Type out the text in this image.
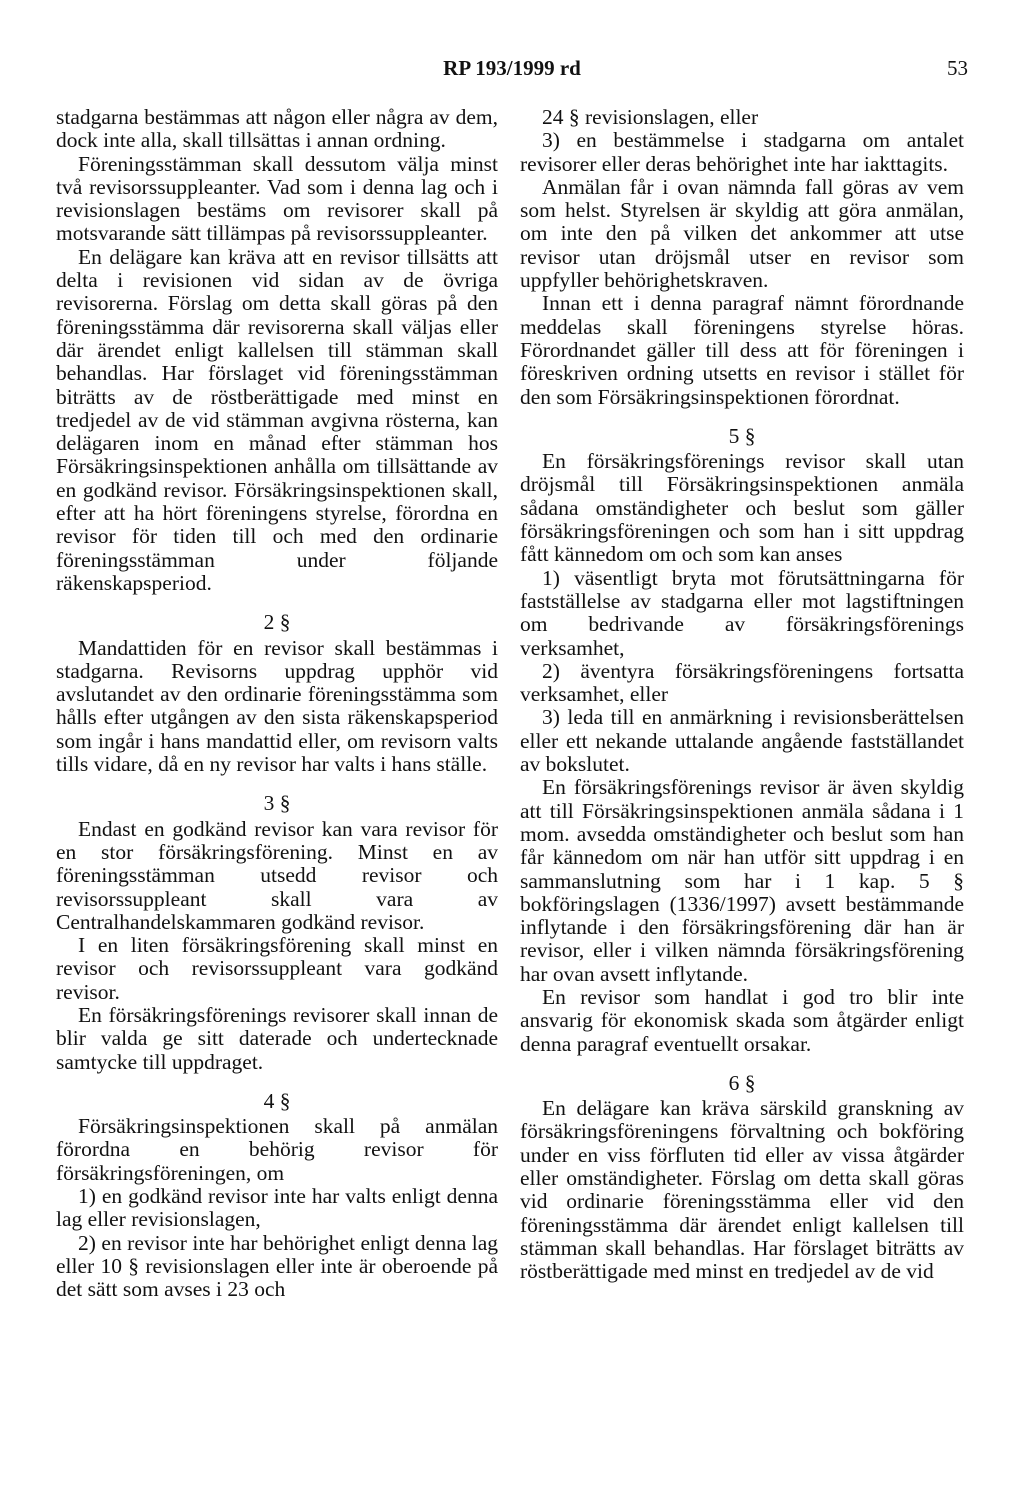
RP 193/1999 rd	53

stadgarna bestämmas att någon eller några av dem, dock inte alla, skall tillsättas i annan ordning.

Föreningsstämman skall dessutom välja minst två revisorssuppleanter. Vad som i denna lag och i revisionslagen bestäms om revisorer skall på motsvarande sätt tillämpas på revisorssuppleanter.

En delägare kan kräva att en revisor tillsätts att delta i revisionen vid sidan av de övriga revisorerna. Förslag om detta skall göras på den föreningsstämma där revisorerna skall väljas eller där ärendet enligt kallelsen till stämman skall behandlas. Har förslaget vid föreningsstämman biträtts av de röstberättigade med minst en tredjedel av de vid stämman avgivna rösterna, kan delägaren inom en månad efter stämman hos Försäkringsinspektionen anhålla om tillsättande av en godkänd revisor. Försäkringsinspektionen skall, efter att ha hört föreningens styrelse, förordna en revisor för tiden till och med den ordinarie föreningsstämman under följande räkenskapsperiod.

2 §

Mandattiden för en revisor skall bestämmas i stadgarna. Revisorns uppdrag upphör vid avslutandet av den ordinarie föreningsstämma som hålls efter utgången av den sista räkenskapsperiod som ingår i hans mandattid eller, om revisorn valts tills vidare, då en ny revisor har valts i hans ställe.

3 §

Endast en godkänd revisor kan vara revisor för en stor försäkringsförening. Minst en av föreningsstämman utsedd revisor och revisorssuppleant skall vara av Centralhandelskammaren godkänd revisor.

I en liten försäkringsförening skall minst en revisor och revisorssuppleant vara godkänd revisor.

En försäkringsförenings revisorer skall innan de blir valda ge sitt daterade och undertecknade samtycke till uppdraget.

4 §

Försäkringsinspektionen skall på anmälan förordna en behörig revisor för försäkringsföreningen, om

1) en godkänd revisor inte har valts enligt denna lag eller revisionslagen,

2) en revisor inte har behörighet enligt denna lag eller 10 § revisionslagen eller inte är oberoende på det sätt som avses i 23 och

24 § revisionslagen, eller

3) en bestämmelse i stadgarna om antalet revisorer eller deras behörighet inte har iakttagits.

Anmälan får i ovan nämnda fall göras av vem som helst. Styrelsen är skyldig att göra anmälan, om inte den på vilken det ankommer att utse revisor utan dröjsmål utser en revisor som uppfyller behörighetskraven.

Innan ett i denna paragraf nämnt förordnande meddelas skall föreningens styrelse höras. Förordnandet gäller till dess att för föreningen i föreskriven ordning utsetts en revisor i stället för den som Försäkringsinspektionen förordnat.

5 §

En försäkringsförenings revisor skall utan dröjsmål till Försäkringsinspektionen anmäla sådana omständigheter och beslut som gäller försäkringsföreningen och som han i sitt uppdrag fått kännedom om och som kan anses

1) väsentligt bryta mot förutsättningarna för fastställelse av stadgarna eller mot lagstiftningen om bedrivande av försäkringsförenings verksamhet,

2) äventyra försäkringsföreningens fortsatta verksamhet, eller

3) leda till en anmärkning i revisionsberättelsen eller ett nekande uttalande angående fastställandet av bokslutet.

En försäkringsförenings revisor är även skyldig att till Försäkringsinspektionen anmäla sådana i 1 mom. avsedda omständigheter och beslut som han får kännedom om när han utför sitt uppdrag i en sammanslutning som har i 1 kap. 5 § bokföringslagen (1336/1997) avsett bestämmande inflytande i den försäkringsförening där han är revisor, eller i vilken nämnda försäkringsförening har ovan avsett inflytande.

En revisor som handlat i god tro blir inte ansvarig för ekonomisk skada som åtgärder enligt denna paragraf eventuellt orsakar.

6 §

En delägare kan kräva särskild granskning av försäkringsföreningens förvaltning och bokföring under en viss förfluten tid eller av vissa åtgärder eller omständigheter. Förslag om detta skall göras vid ordinarie föreningsstämma eller vid den föreningsstämma där ärendet enligt kallelsen till stämman skall behandlas. Har förslaget biträtts av röstberättigade med minst en tredjedel av de vid
